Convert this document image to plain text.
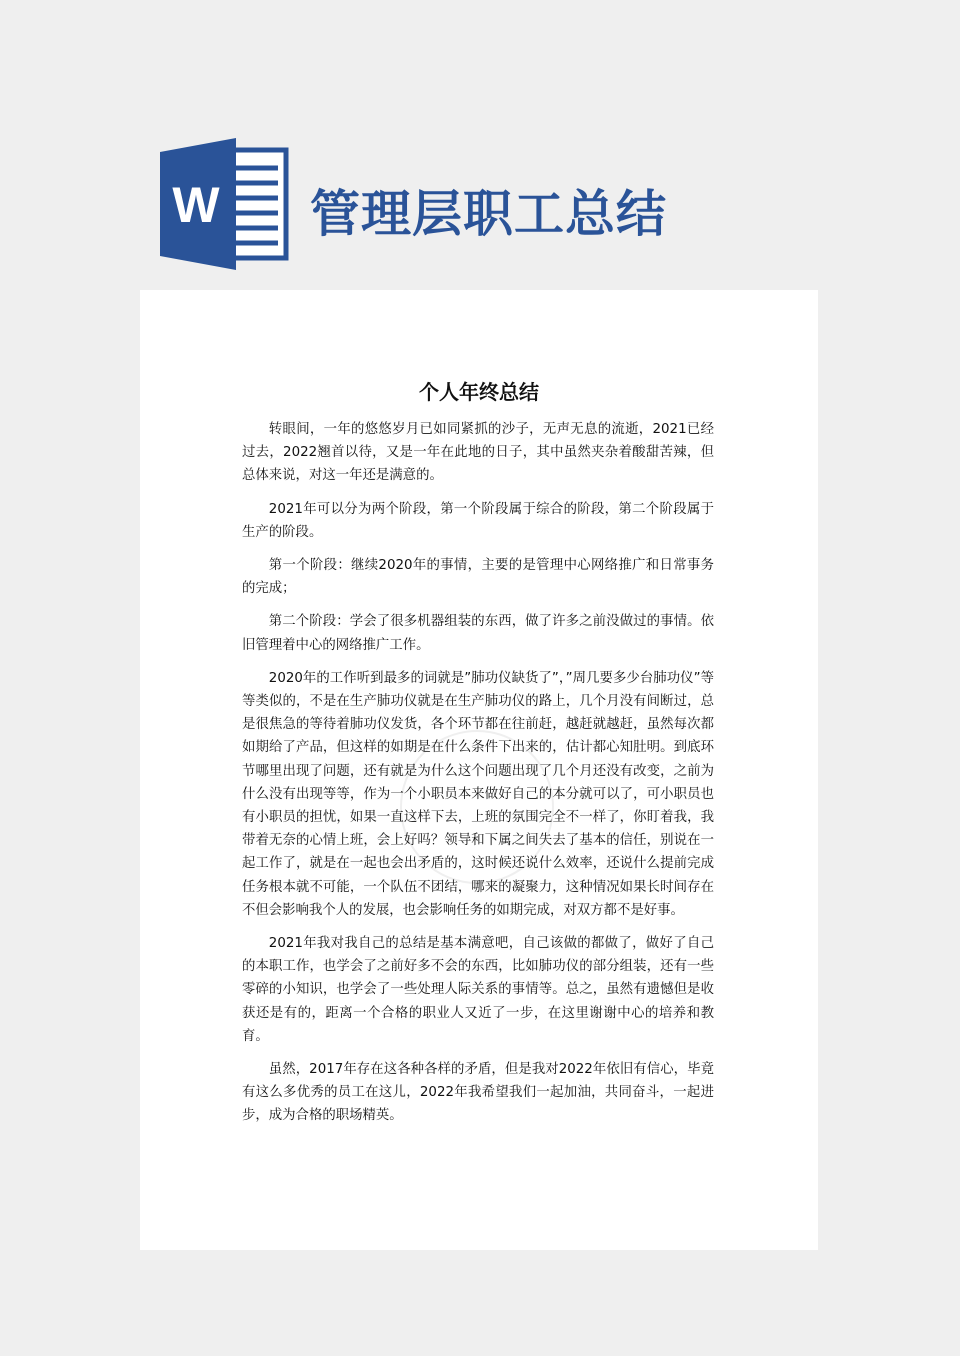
W 管理层职工总结
个人年终总结

转眼间，一年的悠悠岁月已如同紧抓的沙子，无声无息的流逝，2021已经过去，2022翘首以待，又是一年在此地的日子，其中虽然夹杂着酸甜苦辣，但总体来说，对这一年还是满意的。

2021年可以分为两个阶段，第一个阶段属于综合的阶段，第二个阶段属于生产的阶段。

第一个阶段：继续2020年的事情，主要的是管理中心网络推广和日常事务的完成；

第二个阶段：学会了很多机器组装的东西，做了许多之前没做过的事情。依旧管理着中心的网络推广工作。

2020年的工作听到最多的词就是”肺功仪缺货了”，”周几要多少台肺功仪”等等类似的，不是在生产肺功仪就是在生产肺功仪的路上，几个月没有间断过，总是很焦急的等待着肺功仪发货，各个环节都在往前赶，越赶就越赶，虽然每次都如期给了产品，但这样的如期是在什么条件下出来的，估计都心知肚明。到底环节哪里出现了问题，还有就是为什么这个问题出现了几个月还没有改变，之前为什么没有出现等等，作为一个小职员本来做好自己的本分就可以了，可小职员也有小职员的担忧，如果一直这样下去，上班的氛围完全不一样了，你盯着我，我带着无奈的心情上班，会上好吗？领导和下属之间失去了基本的信任，别说在一起工作了，就是在一起也会出矛盾的，这时候还说什么效率，还说什么提前完成任务根本就不可能，一个队伍不团结，哪来的凝聚力，这种情况如果长时间存在不但会影响我个人的发展，也会影响任务的如期完成，对双方都不是好事。

2021年我对我自己的总结是基本满意吧，自己该做的都做了，做好了自己的本职工作，也学会了之前好多不会的东西，比如肺功仪的部分组装，还有一些零碎的小知识，也学会了一些处理人际关系的事情等。总之，虽然有遗憾但是收获还是有的，距离一个合格的职业人又近了一步，在这里谢谢中心的培养和教育。

虽然，2017年存在这各种各样的矛盾，但是我对2022年依旧有信心，毕竟有这么多优秀的员工在这儿，2022年我希望我们一起加油，共同奋斗，一起进步，成为合格的职场精英。
